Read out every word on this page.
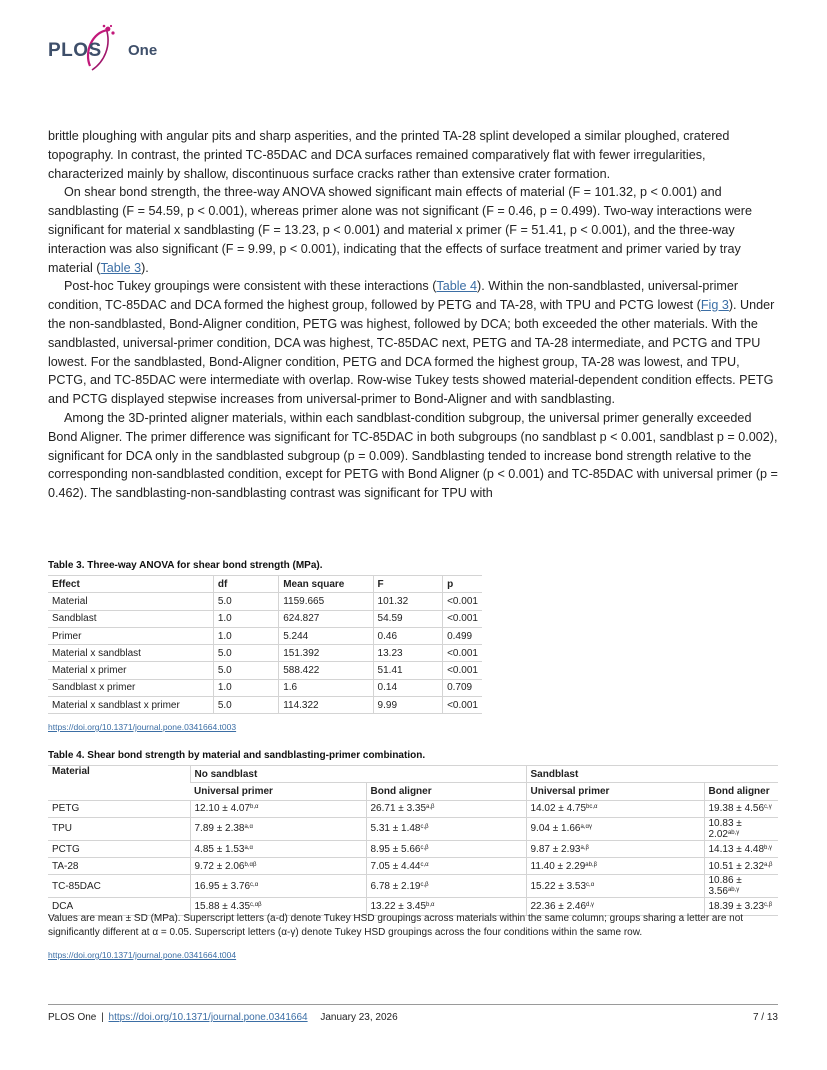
PLOS One

brittle ploughing with angular pits and sharp asperities, and the printed TA-28 splint developed a similar ploughed, cratered topography. In contrast, the printed TC-85DAC and DCA surfaces remained comparatively flat with fewer irregularities, characterized mainly by shallow, discontinuous surface cracks rather than extensive crater formation.

On shear bond strength, the three-way ANOVA showed significant main effects of material (F = 101.32, p < 0.001) and sandblasting (F = 54.59, p < 0.001), whereas primer alone was not significant (F = 0.46, p = 0.499). Two-way interactions were significant for material x sandblasting (F = 13.23, p < 0.001) and material x primer (F = 51.41, p < 0.001), and the three-way interaction was also significant (F = 9.99, p < 0.001), indicating that the effects of surface treatment and primer varied by tray material (Table 3).

Post-hoc Tukey groupings were consistent with these interactions (Table 4). Within the non-sandblasted, universal-primer condition, TC-85DAC and DCA formed the highest group, followed by PETG and TA-28, with TPU and PCTG lowest (Fig 3). Under the non-sandblasted, Bond-Aligner condition, PETG was highest, followed by DCA; both exceeded the other materials. With the sandblasted, universal-primer condition, DCA was highest, TC-85DAC next, PETG and TA-28 intermediate, and PCTG and TPU lowest. For the sandblasted, Bond-Aligner condition, PETG and DCA formed the highest group, TA-28 was lowest, and TPU, PCTG, and TC-85DAC were intermediate with overlap. Row-wise Tukey tests showed material-dependent condition effects. PETG and PCTG displayed stepwise increases from universal-primer to Bond-Aligner and with sandblasting.

Among the 3D-printed aligner materials, within each sandblast-condition subgroup, the universal primer generally exceeded Bond Aligner. The primer difference was significant for TC-85DAC in both subgroups (no sandblast p < 0.001, sandblast p = 0.002), significant for DCA only in the sandblasted subgroup (p = 0.009). Sandblasting tended to increase bond strength relative to the corresponding non-sandblasted condition, except for PETG with Bond Aligner (p < 0.001) and TC-85DAC with universal primer (p = 0.462). The sandblasting-non-sandblasting contrast was significant for TPU with

Table 3. Three-way ANOVA for shear bond strength (MPa).
Effect	df	Mean square	F	p
Material	5.0	1159.665	101.32	<0.001
Sandblast	1.0	624.827	54.59	<0.001
Primer	1.0	5.244	0.46	0.499
Material x sandblast	5.0	151.392	13.23	<0.001
Material x primer	5.0	588.422	51.41	<0.001
Sandblast x primer	1.0	1.6	0.14	0.709
Material x sandblast x primer	5.0	114.322	9.99	<0.001
https://doi.org/10.1371/journal.pone.0341664.t003
Table 4. Shear bond strength by material and sandblasting-primer combination.
Material	No sandblast		Sandblast	
	Universal primer	Bond aligner	Universal primer	Bond aligner
PETG	$12.10 \pm 4.07^{b,\alpha}$	$26.71 \pm 3.35^{a,\beta}$	$14.02 \pm 4.75^{bc,\alpha}$	$19.38 \pm 4.56^{c,\gamma}$
TPU	$7.89 \pm 2.38^{a,\alpha}$	$5.31 \pm 1.48^{c,\beta}$	$9.04 \pm 1.66^{a,\alpha\gamma}$	$10.83 \pm 2.02^{ab,\gamma}$
PCTG	$4.85 \pm 1.53^{a,\alpha}$	$8.95 \pm 5.66^{c,\beta}$	$9.87 \pm 2.93^{a,\beta}$	$14.13 \pm 4.48^{b,\gamma}$
TA-28	$9.72 \pm 2.06^{b,\alpha\beta}$	$7.05 \pm 4.44^{c,\alpha}$	$11.40 \pm 2.29^{ab,\beta}$	$10.51 \pm 2.32^{a,\beta}$
TC-85DAC	$16.95 \pm 3.76^{c,\alpha}$	$6.78 \pm 2.19^{c,\beta}$	$15.22 \pm 3.53^{c,\alpha}$	$10.86 \pm 3.56^{ab,\gamma}$
DCA	$15.88 \pm 4.35^{c,\alpha\beta}$	$13.22 \pm 3.45^{b,\alpha}$	$22.36 \pm 2.46^{d,\gamma}$	$18.39 \pm 3.23^{c,\beta}$
Values are mean ± SD (MPa). Superscript letters (a-d) denote Tukey HSD groupings across materials within the same column; groups sharing a letter are not significantly different at α = 0.05. Superscript letters (α-γ) denote Tukey HSD groupings across the four conditions within the same row.
https://doi.org/10.1371/journal.pone.0341664.t004
PLOS One | https://doi.org/10.1371/journal.pone.0341664 January 23, 2026	7 / 13
